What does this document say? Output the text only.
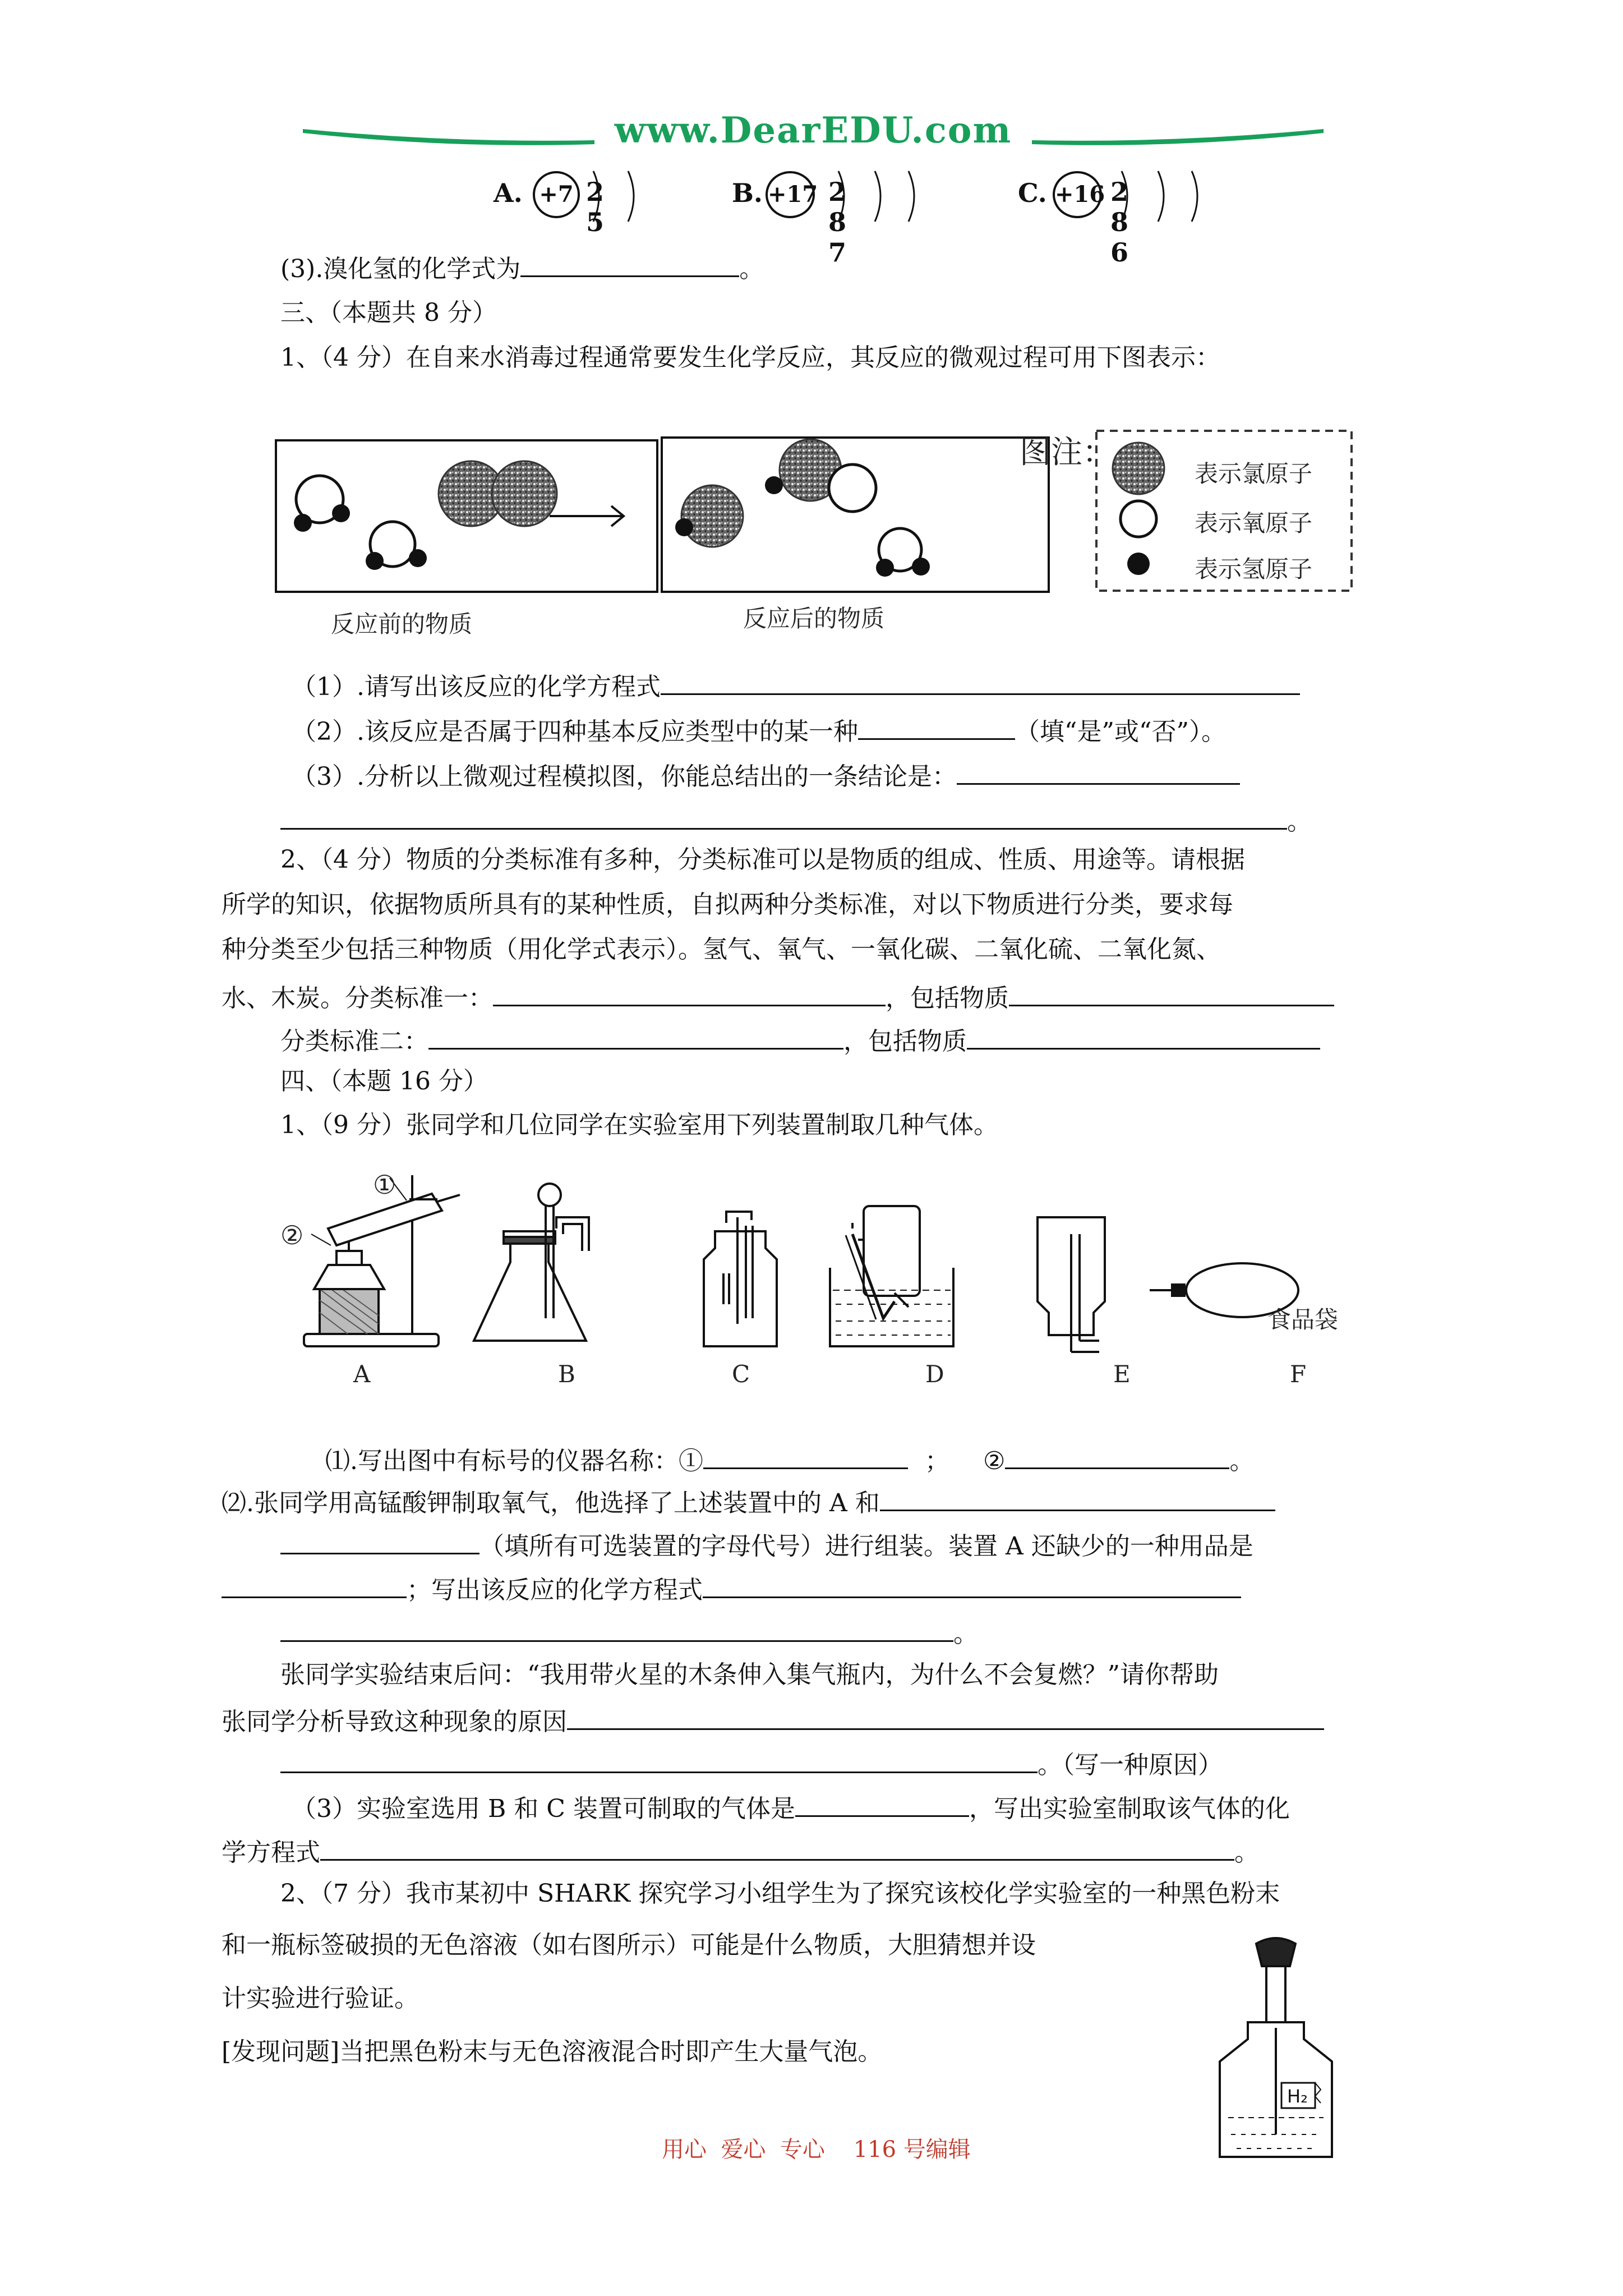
www.DearEDU.com
A. +7 2 5
B. +17 2 8 7
C. +16 2 8 6
(3).溴化氢的化学式为	。
三、（本题共 8 分）
1、（4 分）在自来水消毒过程通常要发生化学反应，其反应的微观过程可用下图表示：
反应前的物质	反应后的物质
图注：
表示氯原子
表示氧原子
表示氢原子
（1）.请写出该反应的化学方程式
（2）.该反应是否属于四种基本反应类型中的某一种	（填“是”或“否”）。
（3）.分析以上微观过程模拟图，你能总结出的一条结论是：
。
2、（4 分）物质的分类标准有多种，分类标准可以是物质的组成、性质、用途等。请根据
所学的知识，依据物质所具有的某种性质，自拟两种分类标准，对以下物质进行分类，要求每
种分类至少包括三种物质（用化学式表示）。氢气、氧气、一氧化碳、二氧化硫、二氧化氮、
水、木炭。分类标准一：	，包括物质
分类标准二：	，包括物质
四、（本题 16 分）
1、（9 分）张同学和几位同学在实验室用下列装置制取几种气体。
①
②
食品袋
A	B	C	D	E	F
⑴.写出图中有标号的仪器名称：①	； ②	。
⑵.张同学用高锰酸钾制取氧气，他选择了上述装置中的 A 和
（填所有可选装置的字母代号）进行组装。装置 A 还缺少的一种用品是
；写出该反应的化学方程式
。
张同学实验结束后问：“我用带火星的木条伸入集气瓶内，为什么不会复燃？”请你帮助
张同学分析导致这种现象的原因
。（写一种原因）
（3）实验室选用 B 和 C 装置可制取的气体是	，写出实验室制取该气体的化
学方程式	。
2、（7 分）我市某初中 SHARK 探究学习小组学生为了探究该校化学实验室的一种黑色粉末
和一瓶标签破损的无色溶液（如右图所示）可能是什么物质，大胆猜想并设
计实验进行验证。
[发现问题]当把黑色粉末与无色溶液混合时即产生大量气泡。
H₂
用心  爱心  专心    116 号编辑
